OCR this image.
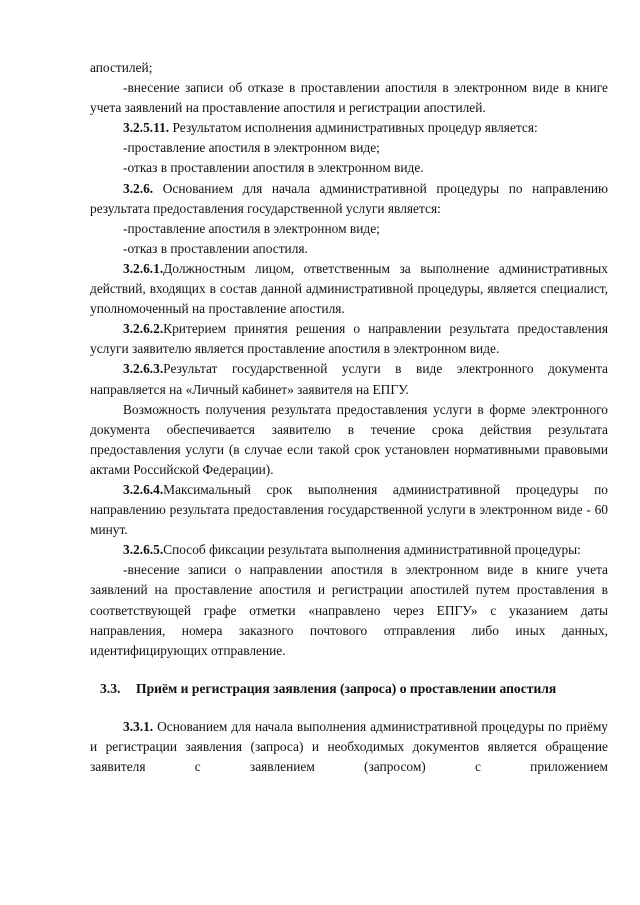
апостилей;

-внесение записи об отказе в проставлении апостиля в электронном виде в книге учета заявлений на проставление апостиля и регистрации апостилей.

3.2.5.11. Результатом исполнения административных процедур является:

-проставление апостиля в электронном виде;

-отказ в проставлении апостиля в электронном виде.

3.2.6. Основанием для начала административной процедуры по направлению результата предоставления государственной услуги является:

-проставление апостиля в электронном виде;

-отказ в проставлении апостиля.

3.2.6.1.Должностным лицом, ответственным за выполнение административных действий, входящих в состав данной административной процедуры, является специалист, уполномоченный на проставление апостиля.

3.2.6.2.Критерием принятия решения о направлении результата предоставления услуги заявителю является проставление апостиля в электронном виде.

3.2.6.3.Результат государственной услуги в виде электронного документа направляется на «Личный кабинет» заявителя на ЕПГУ.

Возможность получения результата предоставления услуги в форме электронного документа обеспечивается заявителю в течение срока действия результата предоставления услуги (в случае если такой срок установлен нормативными правовыми актами Российской Федерации).

3.2.6.4.Максимальный срок выполнения административной процедуры по направлению результата предоставления государственной услуги в электронном виде - 60 минут.

3.2.6.5.Способ фиксации результата выполнения административной процедуры:

-внесение записи о направлении апостиля в электронном виде в книге учета заявлений на проставление апостиля и регистрации апостилей путем проставления в соответствующей графе отметки «направлено через ЕПГУ» с указанием даты направления, номера заказного почтового отправления либо иных данных, идентифицирующих отправление.

3.3. Приём и регистрация заявления (запроса) о проставлении апостиля

3.3.1. Основанием для начала выполнения административной процедуры по приёму и регистрации заявления (запроса) и необходимых документов является обращение заявителя с заявлением (запросом) с приложением
